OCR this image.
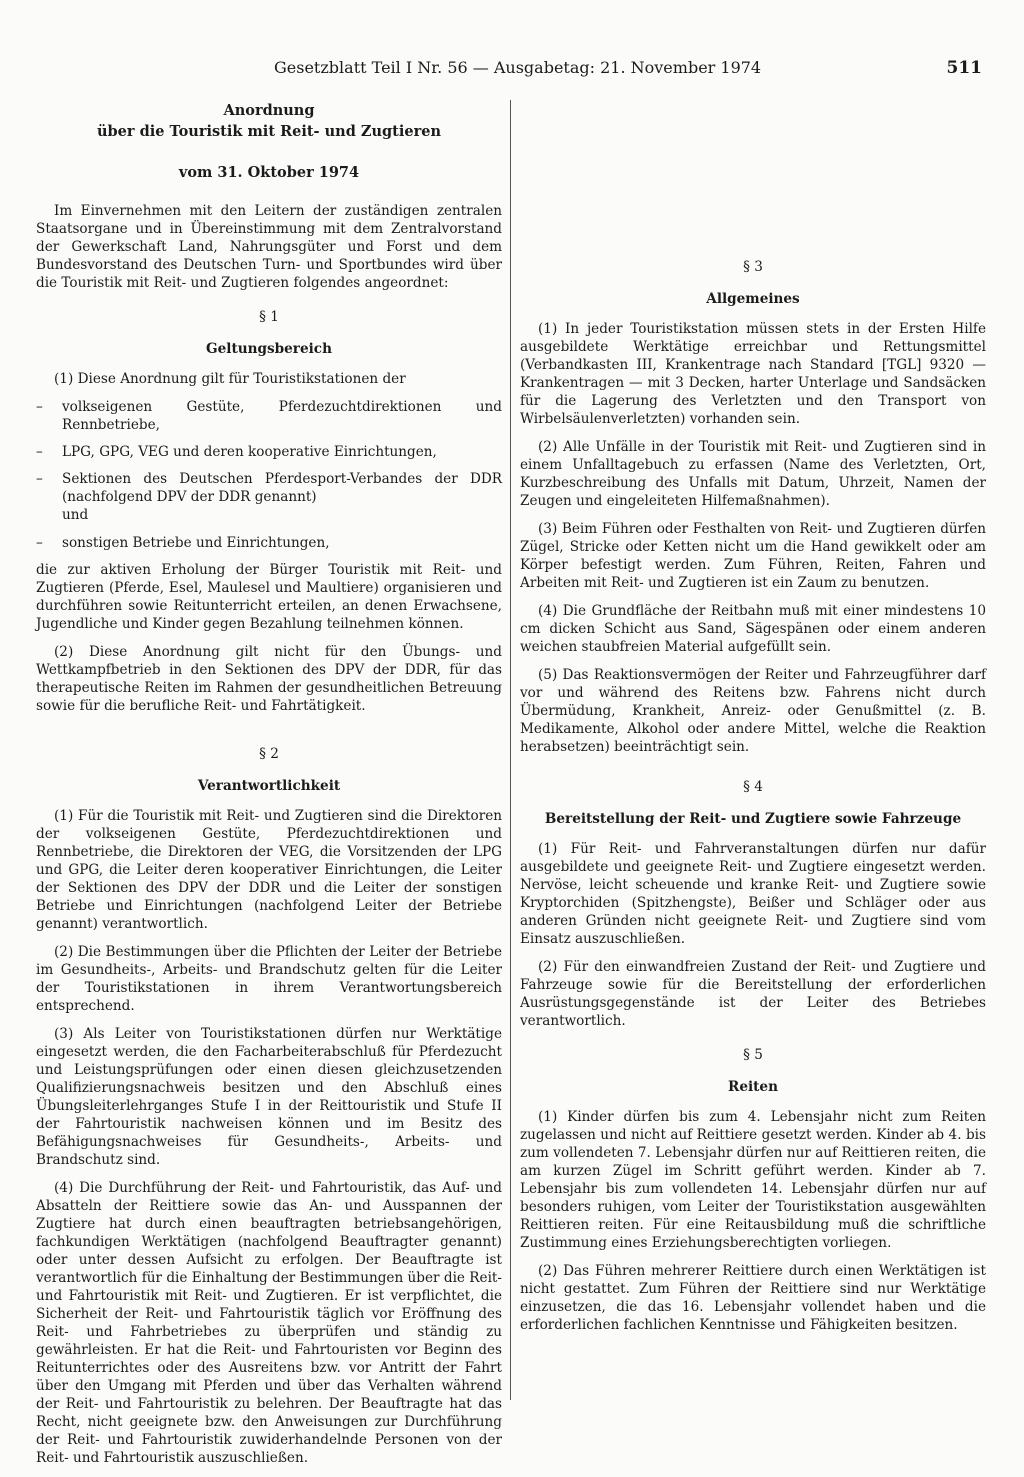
Gesetzblatt Teil I Nr. 56 — Ausgabetag: 21. November 1974	511

Anordnung

über die Touristik mit Reit- und Zugtieren

vom 31. Oktober 1974

Im Einvernehmen mit den Leitern der zuständigen zentralen Staatsorgane und in Übereinstimmung mit dem Zentralvorstand der Gewerkschaft Land, Nahrungsgüter und Forst und dem Bundesvorstand des Deutschen Turn- und Sportbundes wird über die Touristik mit Reit- und Zugtieren folgendes angeordnet:

§ 1

Geltungsbereich

(1) Diese Anordnung gilt für Touristikstationen der

– volkseigenen Gestüte, Pferdezuchtdirektionen und Rennbetriebe,

– LPG, GPG, VEG und deren kooperative Einrichtungen,

– Sektionen des Deutschen Pferdesport-Verbandes der DDR (nachfolgend DPV der DDR genannt)

und

– sonstigen Betriebe und Einrichtungen,

die zur aktiven Erholung der Bürger Touristik mit Reit- und Zugtieren (Pferde, Esel, Maulesel und Maultiere) organisieren und durchführen sowie Reitunterricht erteilen, an denen Erwachsene, Jugendliche und Kinder gegen Bezahlung teilnehmen können.

(2) Diese Anordnung gilt nicht für den Übungs- und Wettkampfbetrieb in den Sektionen des DPV der DDR, für das therapeutische Reiten im Rahmen der gesundheitlichen Betreuung sowie für die berufliche Reit- und Fahrtätigkeit.

§ 2

Verantwortlichkeit

(1) Für die Touristik mit Reit- und Zugtieren sind die Direktoren der volkseigenen Gestüte, Pferdezuchtdirektionen und Rennbetriebe, die Direktoren der VEG, die Vorsitzenden der LPG und GPG, die Leiter deren kooperativer Einrichtungen, die Leiter der Sektionen des DPV der DDR und die Leiter der sonstigen Betriebe und Einrichtungen (nachfolgend Leiter der Betriebe genannt) verantwortlich.

(2) Die Bestimmungen über die Pflichten der Leiter der Betriebe im Gesundheits-, Arbeits- und Brandschutz gelten für die Leiter der Touristikstationen in ihrem Verantwortungsbereich entsprechend.

(3) Als Leiter von Touristikstationen dürfen nur Werktätige eingesetzt werden, die den Facharbeiterabschluß für Pferdezucht und Leistungsprüfungen oder einen diesen gleichzusetzenden Qualifizierungsnachweis besitzen und den Abschluß eines Übungsleiterlehrganges Stufe I in der Reittouristik und Stufe II der Fahrtouristik nachweisen können und im Besitz des Befähigungsnachweises für Gesundheits-, Arbeits- und Brandschutz sind.

(4) Die Durchführung der Reit- und Fahrtouristik, das Auf- und Absatteln der Reittiere sowie das An- und Ausspannen der Zugtiere hat durch einen beauftragten betriebsangehörigen, fachkundigen Werktätigen (nachfolgend Beauftragter genannt) oder unter dessen Aufsicht zu erfolgen. Der Beauftragte ist verantwortlich für die Einhaltung der Bestimmungen über die Reit- und Fahrtouristik mit Reit- und Zugtieren. Er ist verpflichtet, die Sicherheit der Reit- und Fahrtouristik täglich vor Eröffnung des Reit- und Fahrbetriebes zu überprüfen und ständig zu gewährleisten. Er hat die Reit- und Fahrtouristen vor Beginn des Reitunterrichtes oder des Ausreitens bzw. vor Antritt der Fahrt über den Umgang mit Pferden und über das Verhalten während der Reit- und Fahrtouristik zu belehren. Der Beauftragte hat das Recht, nicht geeignete bzw. den Anweisungen zur Durchführung der Reit- und Fahrtouristik zuwiderhandelnde Personen von der Reit- und Fahrtouristik auszuschließen.

§ 3

Allgemeines

(1) In jeder Touristikstation müssen stets in der Ersten Hilfe ausgebildete Werktätige erreichbar und Rettungsmittel (Verbandkasten III, Krankentrage nach Standard [TGL] 9320 — Krankentragen — mit 3 Decken, harter Unterlage und Sandsäcken für die Lagerung des Verletzten und den Transport von Wirbelsäulenverletzten) vorhanden sein.

(2) Alle Unfälle in der Touristik mit Reit- und Zugtieren sind in einem Unfalltagebuch zu erfassen (Name des Verletzten, Ort, Kurzbeschreibung des Unfalls mit Datum, Uhrzeit, Namen der Zeugen und eingeleiteten Hilfemaßnahmen).

(3) Beim Führen oder Festhalten von Reit- und Zugtieren dürfen Zügel, Stricke oder Ketten nicht um die Hand gewikkelt oder am Körper befestigt werden. Zum Führen, Reiten, Fahren und Arbeiten mit Reit- und Zugtieren ist ein Zaum zu benutzen.

(4) Die Grundfläche der Reitbahn muß mit einer mindestens 10 cm dicken Schicht aus Sand, Sägespänen oder einem anderen weichen staubfreien Material aufgefüllt sein.

(5) Das Reaktionsvermögen der Reiter und Fahrzeugführer darf vor und während des Reitens bzw. Fahrens nicht durch Übermüdung, Krankheit, Anreiz- oder Genußmittel (z. B. Medikamente, Alkohol oder andere Mittel, welche die Reaktion herabsetzen) beeinträchtigt sein.

§ 4

Bereitstellung der Reit- und Zugtiere sowie Fahrzeuge

(1) Für Reit- und Fahrveranstaltungen dürfen nur dafür ausgebildete und geeignete Reit- und Zugtiere eingesetzt werden. Nervöse, leicht scheuende und kranke Reit- und Zugtiere sowie Kryptorchiden (Spitzhengste), Beißer und Schläger oder aus anderen Gründen nicht geeignete Reit- und Zugtiere sind vom Einsatz auszuschließen.

(2) Für den einwandfreien Zustand der Reit- und Zugtiere und Fahrzeuge sowie für die Bereitstellung der erforderlichen Ausrüstungsgegenstände ist der Leiter des Betriebes verantwortlich.

§ 5

Reiten

(1) Kinder dürfen bis zum 4. Lebensjahr nicht zum Reiten zugelassen und nicht auf Reittiere gesetzt werden. Kinder ab 4. bis zum vollendeten 7. Lebensjahr dürfen nur auf Reittieren reiten, die am kurzen Zügel im Schritt geführt werden. Kinder ab 7. Lebensjahr bis zum vollendeten 14. Lebensjahr dürfen nur auf besonders ruhigen, vom Leiter der Touristikstation ausgewählten Reittieren reiten. Für eine Reitausbildung muß die schriftliche Zustimmung eines Erziehungsberechtigten vorliegen.

(2) Das Führen mehrerer Reittiere durch einen Werktätigen ist nicht gestattet. Zum Führen der Reittiere sind nur Werktätige einzusetzen, die das 16. Lebensjahr vollendet haben und die erforderlichen fachlichen Kenntnisse und Fähigkeiten besitzen.
